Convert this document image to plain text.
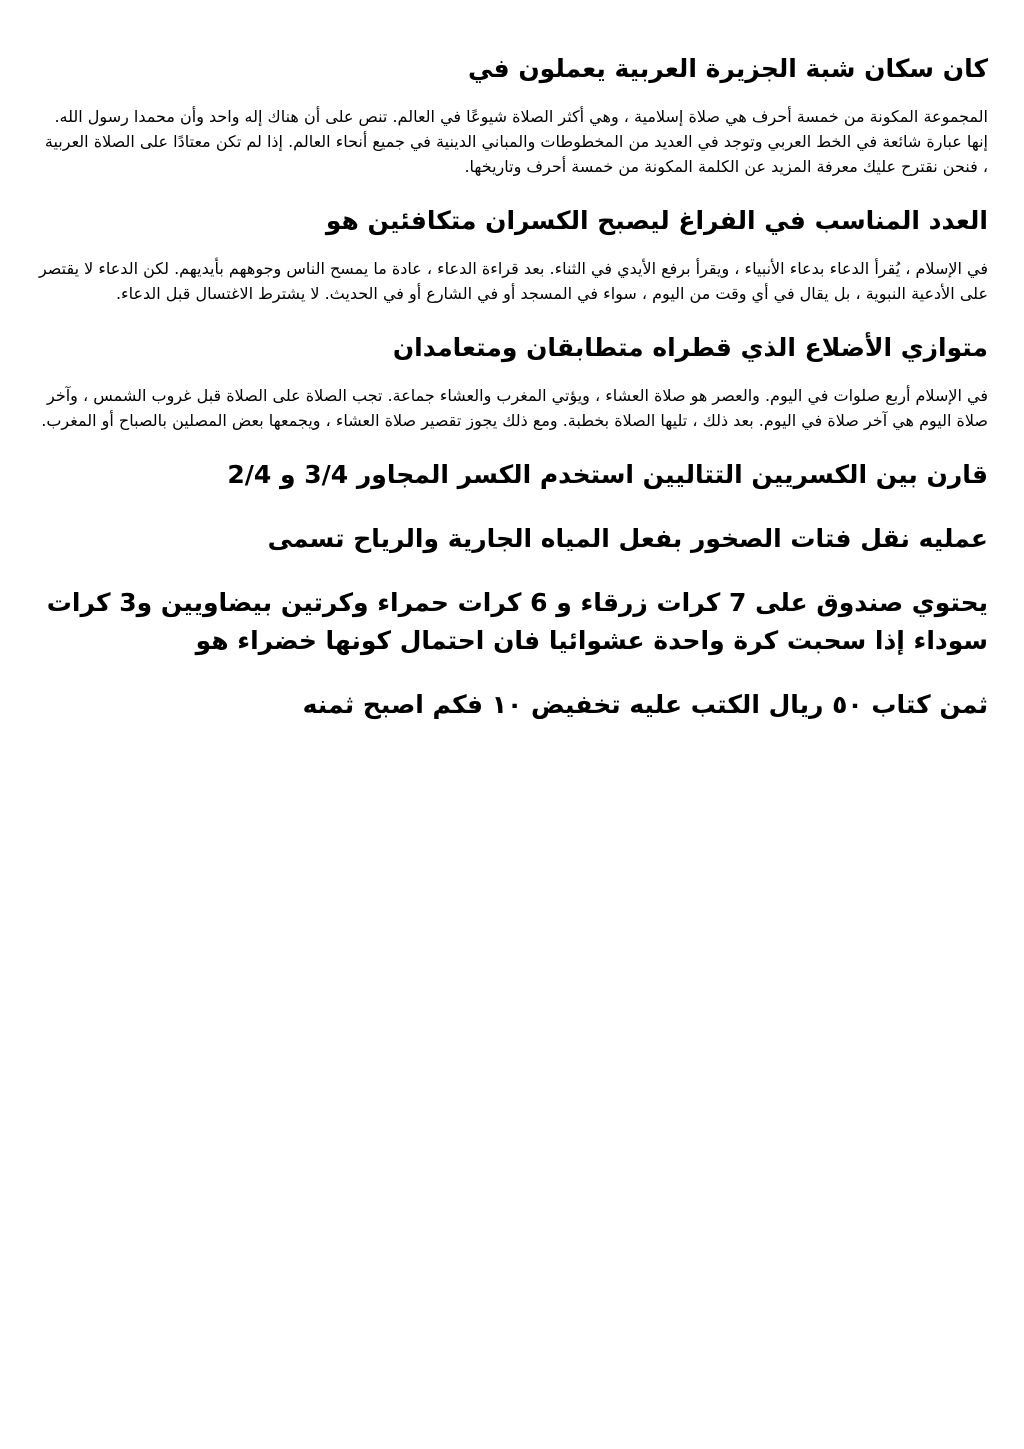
كان سكان شبة الجزيرة العربية يعملون في

المجموعة المكونة من خمسة أحرف هي صلاة إسلامية ، وهي أكثر الصلاة شيوعًا في العالم. تنص على أن هناك إله واحد وأن محمدا رسول الله. إنها عبارة شائعة في الخط العربي وتوجد في العديد من المخطوطات والمباني الدينية في جميع أنحاء العالم. إذا لم تكن معتادًا على الصلاة العربية ، فنحن نقترح عليك معرفة المزيد عن الكلمة المكونة من خمسة أحرف وتاريخها.

العدد المناسب في الفراغ ليصبح الكسران متكافئين هو

في الإسلام ، يُقرأ الدعاء بدعاء الأنبياء ، ويقرأ برفع الأيدي في الثناء. بعد قراءة الدعاء ، عادة ما يمسح الناس وجوههم بأيديهم. لكن الدعاء لا يقتصر على الأدعية النبوية ، بل يقال في أي وقت من اليوم ، سواء في المسجد أو في الشارع أو في الحديث. لا يشترط الاغتسال قبل الدعاء.

متوازي الأضلاع الذي قطراه متطابقان ومتعامدان

في الإسلام أربع صلوات في اليوم. والعصر هو صلاة العشاء ، ويؤتي المغرب والعشاء جماعة. تجب الصلاة على الصلاة قبل غروب الشمس ، وآخر صلاة اليوم هي آخر صلاة في اليوم. بعد ذلك ، تليها الصلاة بخطبة. ومع ذلك يجوز تقصير صلاة العشاء ، ويجمعها بعض المصلين بالصباح أو المغرب.

قارن بين الكسريين التتاليين استخدم الكسر المجاور 3/4 و 2/4
عمليه نقل فتات الصخور بفعل المياه الجارية والرياح تسمى
يحتوي صندوق على 7 كرات زرقاء و 6 كرات حمراء وكرتين بيضاويين و3 كرات سوداء إذا سحبت كرة واحدة عشوائيا فان احتمال كونها خضراء هو
ثمن كتاب ٥٠ ريال الكتب عليه تخفيض ١٠ فكم اصبح ثمنه
